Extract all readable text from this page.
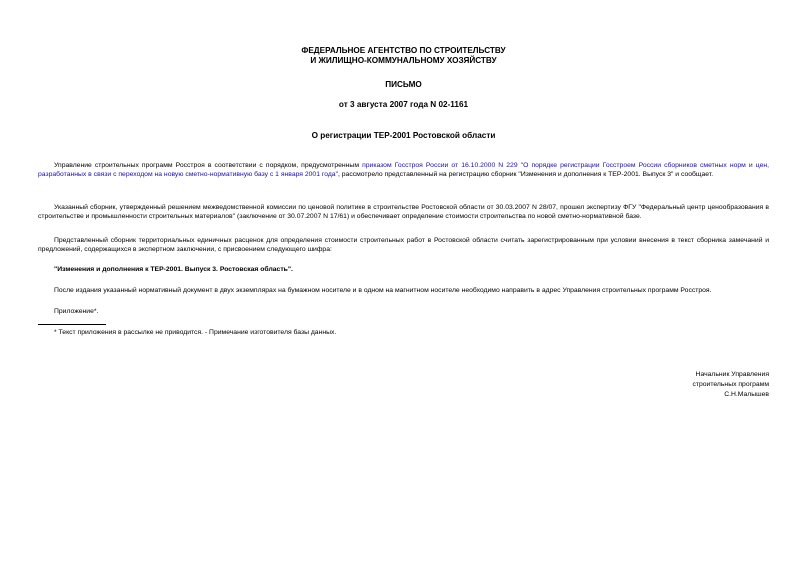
ФЕДЕРАЛЬНОЕ АГЕНТСТВО ПО СТРОИТЕЛЬСТВУ
И ЖИЛИЩНО-КОММУНАЛЬНОМУ ХОЗЯЙСТВУ
ПИСЬМО
от 3 августа 2007 года N 02-1161
О регистрации ТЕР-2001 Ростовской области
Управление строительных программ Росстроя в соответствии с порядком, предусмотренным приказом Госстроя России от 16.10.2000 N 229 "О порядке регистрации Госстроем России сборников сметных норм и цен, разработанных в связи с переходом на новую сметно-нормативную базу с 1 января 2001 года", рассмотрело представленный на регистрацию сборник "Изменения и дополнения к ТЕР-2001. Выпуск 3" и сообщает.
Указанный сборник, утвержденный решением межведомственной комиссии по ценовой политике в строительстве Ростовской области от 30.03.2007 N 28/07, прошел экспертизу ФГУ "Федеральный центр ценообразования в строительстве и промышленности строительных материалов" (заключение от 30.07.2007 N 17/61) и обеспечивает определение стоимости строительства по новой сметно-нормативной базе.
Представленный сборник территориальных единичных расценок для определения стоимости строительных работ в Ростовской области считать зарегистрированным при условии внесения в текст сборника замечаний и предложений, содержащихся в экспертном заключении, с присвоением следующего шифра:
"Изменения и дополнения к ТЕР-2001. Выпуск 3. Ростовская область".
После издания указанный нормативный документ в двух экземплярах на бумажном носителе и в одном на магнитном носителе необходимо направить в адрес Управления строительных программ Росстроя.
Приложение*.
* Текст приложения в рассылке не приводится. - Примечание изготовителя базы данных.
Начальник Управления
строительных программ
С.Н.Малышев
